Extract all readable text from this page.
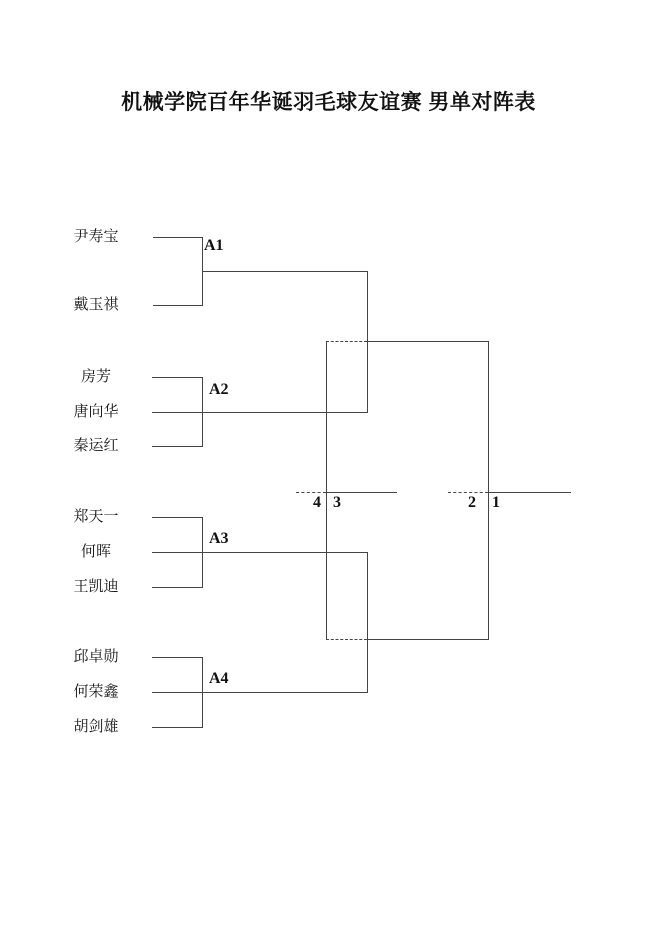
机械学院百年华诞羽毛球友谊赛 男单对阵表
尹寿宝
戴玉祺
房芳
唐向华
秦运红
郑天一
何晖
王凯迪
邱卓勋
何荣鑫
胡剑雄
A1
A2
A3
A4
4 3	2 1
